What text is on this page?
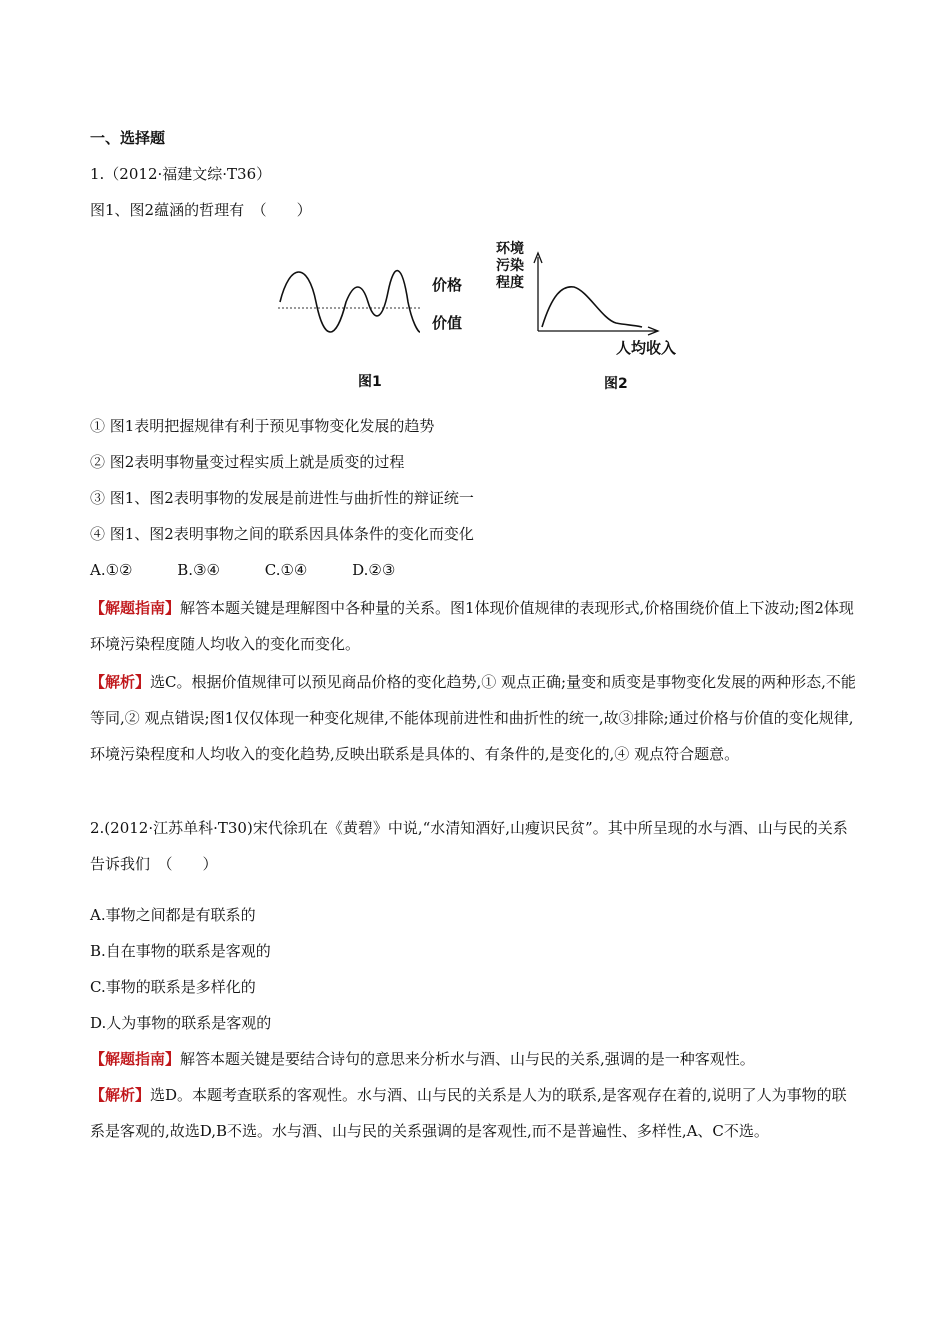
一、选择题
1.（2012·福建文综·T36）
图1、图2蕴涵的哲理有　（　　）
价格
价值
图1
环境
污染
程度
人均收入
图2
① 图1表明把握规律有利于预见事物变化发展的趋势
② 图2表明事物量变过程实质上就是质变的过程
③ 图1、图2表明事物的发展是前进性与曲折性的辩证统一
④ 图1、图2表明事物之间的联系因具体条件的变化而变化
A.①②	B.③④	C.①④	D.②③
【解题指南】解答本题关键是理解图中各种量的关系。图1体现价值规律的表现形式,价格围绕价值上下波动;图2体现环境污染程度随人均收入的变化而变化。
【解析】选C。根据价值规律可以预见商品价格的变化趋势,① 观点正确;量变和质变是事物变化发展的两种形态,不能等同,② 观点错误;图1仅仅体现一种变化规律,不能体现前进性和曲折性的统一,故③排除;通过价格与价值的变化规律,环境污染程度和人均收入的变化趋势,反映出联系是具体的、有条件的,是变化的,④ 观点符合题意。
2.(2012·江苏单科·T30)宋代徐玑在《黄碧》中说,“水清知酒好,山瘦识民贫”。其中所呈现的水与酒、山与民的关系告诉我们　（　　）
A.事物之间都是有联系的
B.自在事物的联系是客观的
C.事物的联系是多样化的
D.人为事物的联系是客观的
【解题指南】解答本题关键是要结合诗句的意思来分析水与酒、山与民的关系,强调的是一种客观性。
【解析】选D。本题考查联系的客观性。水与酒、山与民的关系是人为的联系,是客观存在着的,说明了人为事物的联系是客观的,故选D,B不选。水与酒、山与民的关系强调的是客观性,而不是普遍性、多样性,A、C不选。
